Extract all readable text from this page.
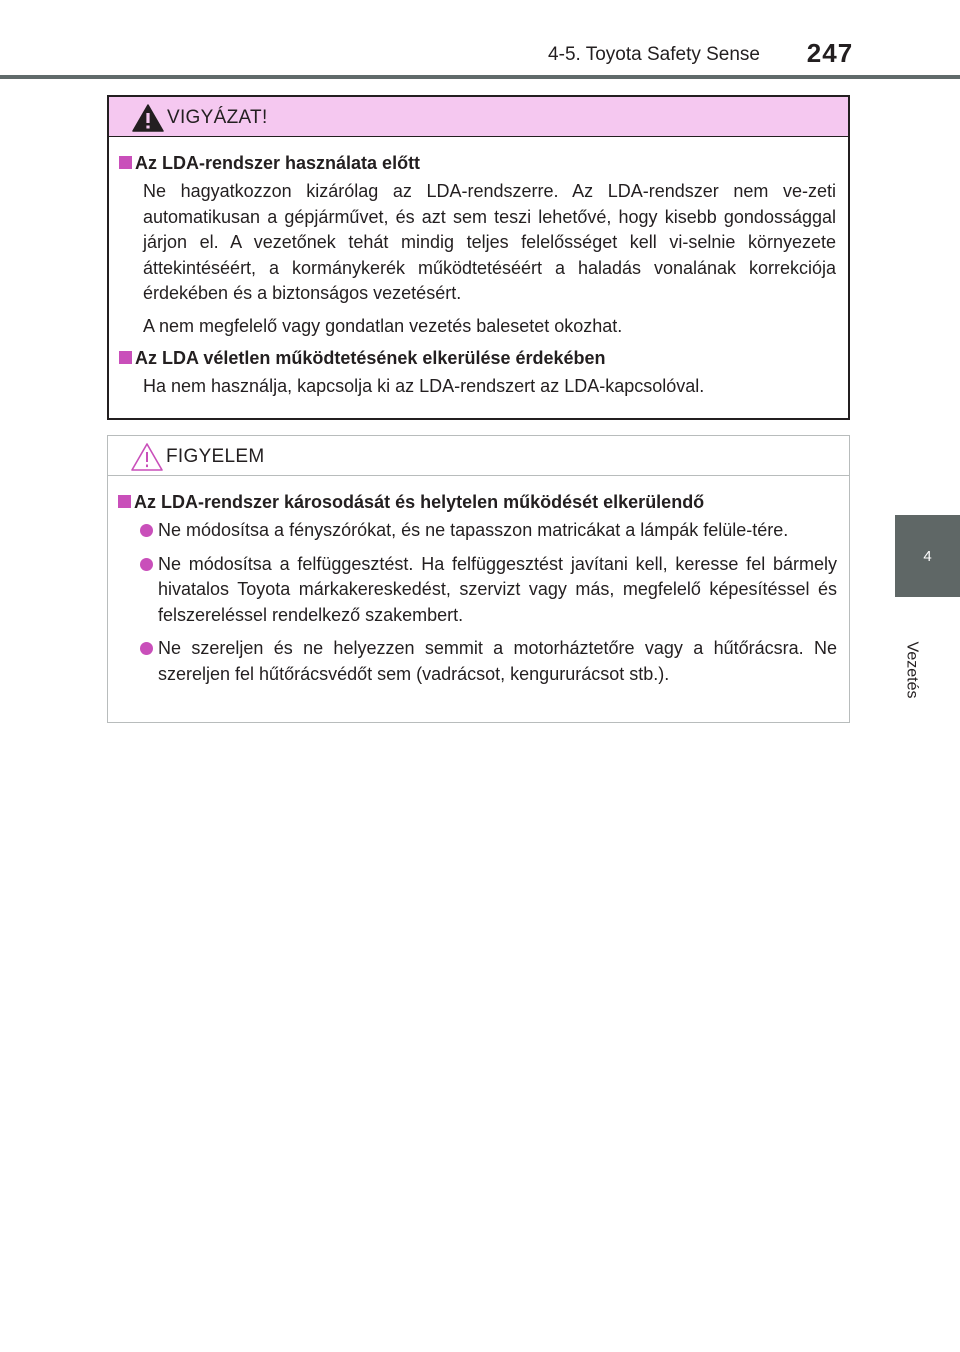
4-5. Toyota Safety Sense	247
4
Vezetés
VIGYÁZAT!
Az LDA-rendszer használata előtt

Ne hagyatkozzon kizárólag az LDA-rendszerre. Az LDA-rendszer nem ve-zeti automatikusan a gépjárművet, és azt sem teszi lehetővé, hogy kisebb gondossággal járjon el. A vezetőnek tehát mindig teljes felelősséget kell vi-selnie környezete áttekintéséért, a kormánykerék működtetéséért a haladás vonalának korrekciója érdekében és a biztonságos vezetésért.

A nem megfelelő vagy gondatlan vezetés balesetet okozhat.

Az LDA véletlen működtetésének elkerülése érdekében

Ha nem használja, kapcsolja ki az LDA-rendszert az LDA-kapcsolóval.

FIGYELEM
Az LDA-rendszer károsodását és helytelen működését elkerülendő
Ne módosítsa a fényszórókat, és ne tapasszon matricákat a lámpák felüle-tére.
Ne módosítsa a felfüggesztést. Ha felfüggesztést javítani kell, keresse fel bármely hivatalos Toyota márkakereskedést, szervizt vagy más, megfelelő képesítéssel és felszereléssel rendelkező szakembert.
Ne szereljen és ne helyezzen semmit a motorháztetőre vagy a hűtőrácsra. Ne szereljen fel hűtőrácsvédőt sem (vadrácsot, kengururácsot stb.).
